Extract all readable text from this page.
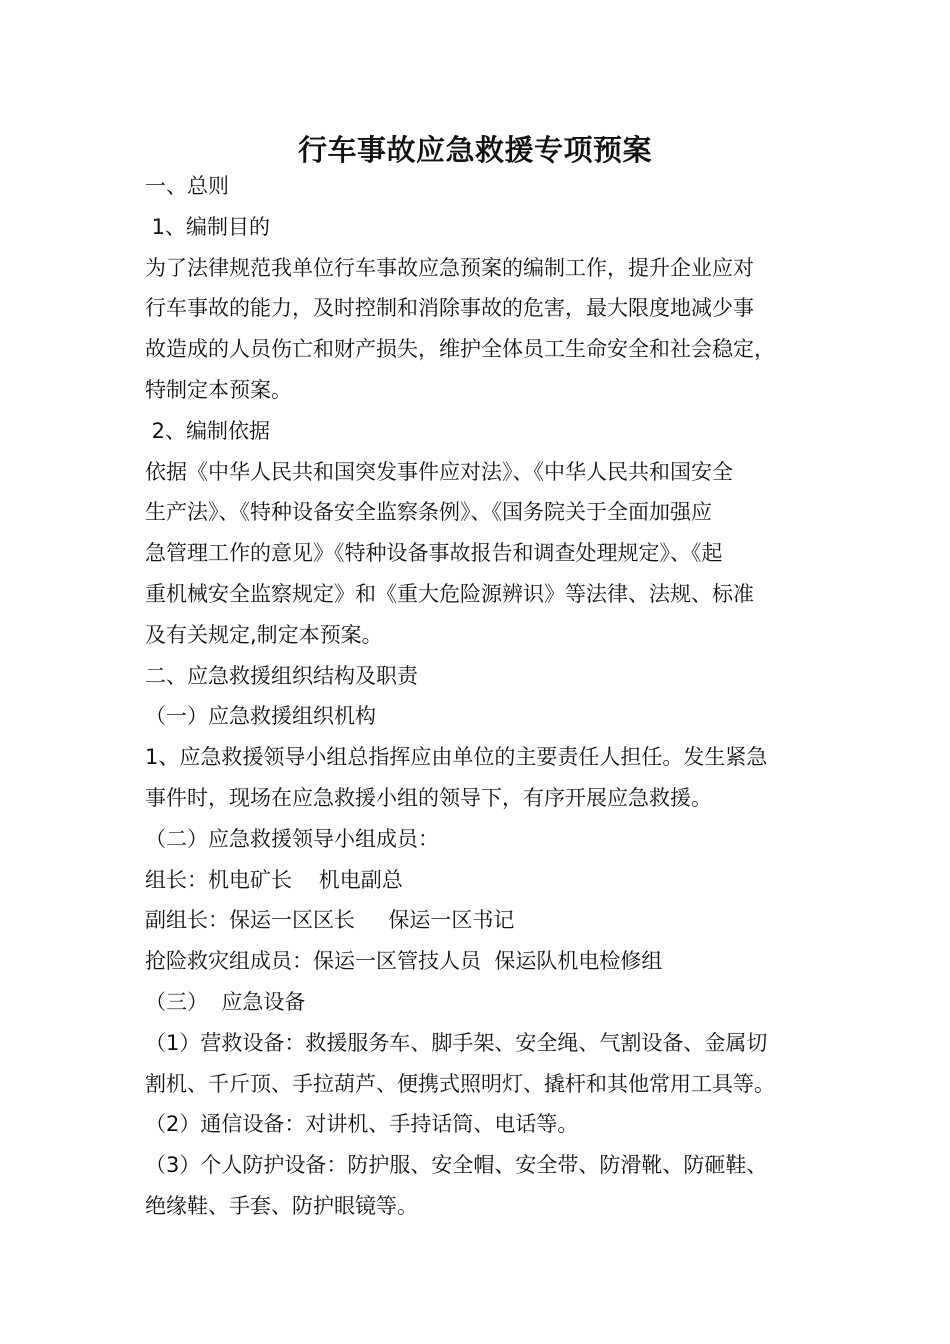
行车事故应急救援专项预案
一、总则
1、编制目的
为了法律规范我单位行车事故应急预案的编制工作，提升企业应对
行车事故的能力，及时控制和消除事故的危害，最大限度地减少事
故造成的人员伤亡和财产损失，维护全体员工生命安全和社会稳定，
特制定本预案。
2、编制依据
依据《中华人民共和国突发事件应对法》、《中华人民共和国安全
生产法》、《特种设备安全监察条例》、《国务院关于全面加强应
急管理工作的意见》《特种设备事故报告和调查处理规定》、《起
重机械安全监察规定》和《重大危险源辨识》等法律、法规、标准
及有关规定,制定本预案。
二、应急救援组织结构及职责
（一）应急救援组织机构
1、应急救援领导小组总指挥应由单位的主要责任人担任。发生紧急
事件时，现场在应急救援小组的领导下，有序开展应急救援。
（二）应急救援领导小组成员：
组长：机电矿长    机电副总
副组长：保运一区区长     保运一区书记
抢险救灾组成员：保运一区管技人员  保运队机电检修组
（三）  应急设备
（1）营救设备：救援服务车、脚手架、安全绳、气割设备、金属切
割机、千斤顶、手拉葫芦、便携式照明灯、撬杆和其他常用工具等。
（2）通信设备：对讲机、手持话筒、电话等。
（3）个人防护设备：防护服、安全帽、安全带、防滑靴、防砸鞋、
绝缘鞋、手套、防护眼镜等。
